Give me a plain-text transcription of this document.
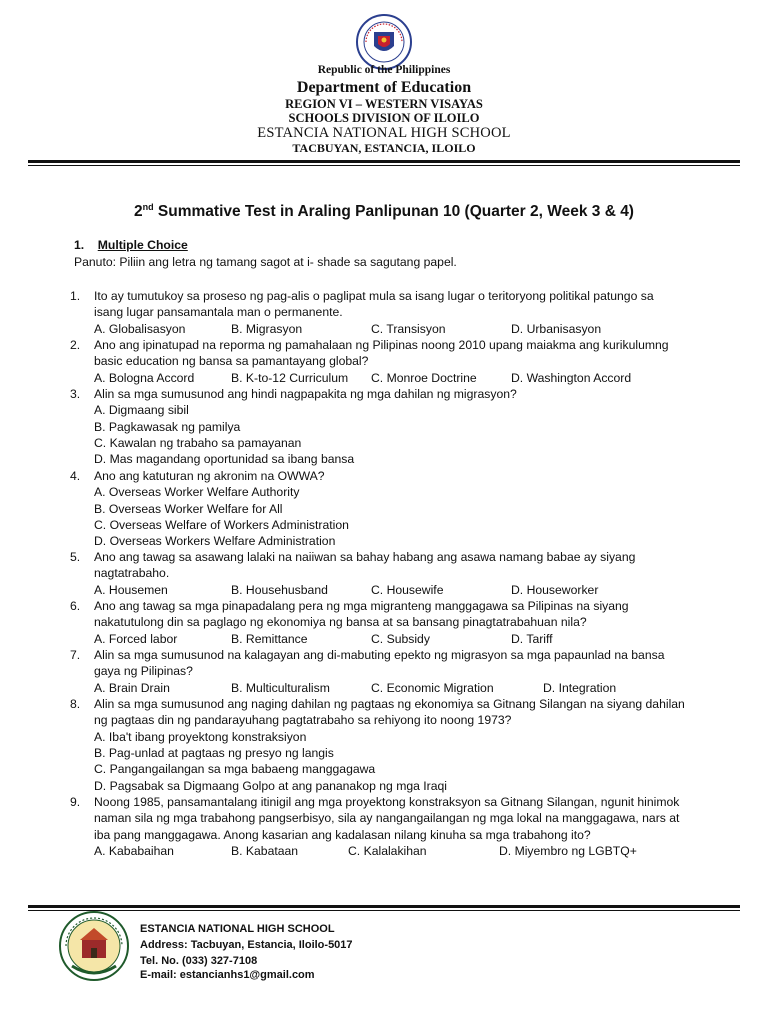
Republic of the Philippines
Department of Education
REGION VI – WESTERN VISAYAS
SCHOOLS DIVISION OF ILOILO
ESTANCIA NATIONAL HIGH SCHOOL
TACBUYAN, ESTANCIA, ILOILO
2nd Summative Test in Araling Panlipunan 10 (Quarter 2, Week 3 & 4)
1. Multiple Choice
Panuto: Piliin ang letra ng tamang sagot at i- shade sa sagutang papel.
1. Ito ay tumutukoy sa proseso ng pag-alis o paglipat mula sa isang lugar o teritoryong politikal patungo sa
isang lugar pansamantala man o permanente.
A. Globalisasyon	B. Migrasyon	C. Transisyon	D. Urbanisasyon
2. Ano ang ipinatupad na reporma ng pamahalaan ng Pilipinas noong 2010 upang maiakma ang kurikulumng
basic education ng bansa sa pamantayang global?
A. Bologna Accord	B. K-to-12 Curriculum C. Monroe Doctrine	D. Washington Accord
3. Alin sa mga sumusunod ang hindi nagpapakita ng mga dahilan ng migrasyon?
A. Digmaang sibil
B. Pagkawasak ng pamilya
C. Kawalan ng trabaho sa pamayanan
D. Mas magandang oportunidad sa ibang bansa
4. Ano ang katuturan ng akronim na OWWA?
A. Overseas Worker Welfare Authority
B. Overseas Worker Welfare for All
C. Overseas Welfare of Workers Administration
D. Overseas Workers Welfare Administration
5. Ano ang tawag sa asawang lalaki na naiiwan sa bahay habang ang asawa namang babae ay siyang
nagtatrabaho.
A. Housemen	B. Househusband	C. Housewife	D. Houseworker
6. Ano ang tawag sa mga pinapadalang pera ng mga migranteng manggagawa sa Pilipinas na siyang
nakatutulong din sa paglago ng ekonomiya ng bansa at sa bansang pinagtatrabahuan nila?
A. Forced labor	B. Remittance	C. Subsidy	D. Tariff
7. Alin sa mga sumusunod na kalagayan ang di-mabuting epekto ng migrasyon sa mga papaunlad na bansa
gaya ng Pilipinas?
A. Brain Drain	B. Multiculturalism	C. Economic Migration	D. Integration
8. Alin sa mga sumusunod ang naging dahilan ng pagtaas ng ekonomiya sa Gitnang Silangan na siyang dahilan
ng pagtaas din ng pandarayuhang pagtatrabaho sa rehiyong ito noong 1973?
A. Iba't ibang proyektong konstraksiyon
B. Pag-unlad at pagtaas ng presyo ng langis
C. Pangangailangan sa mga babaeng manggagawa
D. Pagsabak sa Digmaang Golpo at ang pananakop ng mga Iraqi
9. Noong 1985, pansamantalang itinigil ang mga proyektong konstraksyon sa Gitnang Silangan, ngunit hinimok
naman sila ng mga trabahong pangserbisyo, sila ay nangangailangan ng mga lokal na manggagawa, nars at
iba pang manggagawa. Anong kasarian ang kadalasan nilang kinuha sa mga trabahong ito?
A. Kababaihan	B. Kabataan	C. Kalalakihan	D. Miyembro ng LGBTQ+
ESTANCIA NATIONAL HIGH SCHOOL
Address: Tacbuyan, Estancia, Iloilo-5017
Tel. No. (033) 327-7108
E-mail: estancianhs1@gmail.com
